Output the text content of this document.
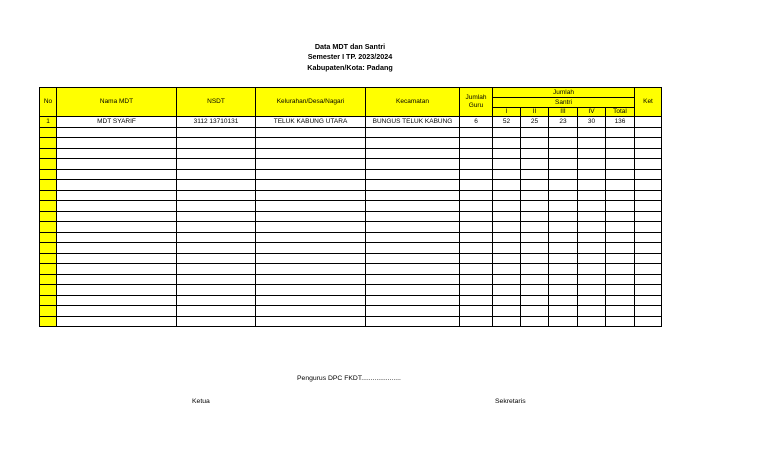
Data MDT dan Santri
Semester I TP. 2023/2024
Kabupaten/Kota: Padang
No	Nama MDT	NSDT	Kelurahan/Desa/Nagari	Kecamatan	Jumlah Guru	Jumlah					Ket
						Santri					
						I	II	III	IV	Total	
1	MDT SYARIF	3112 13710131	TELUK KABUNG UTARA	BUNGUS TELUK KABUNG	6	52	25	23	30	136	

Pengurus DPC FKDT.....................
Ketua	Sekretaris
